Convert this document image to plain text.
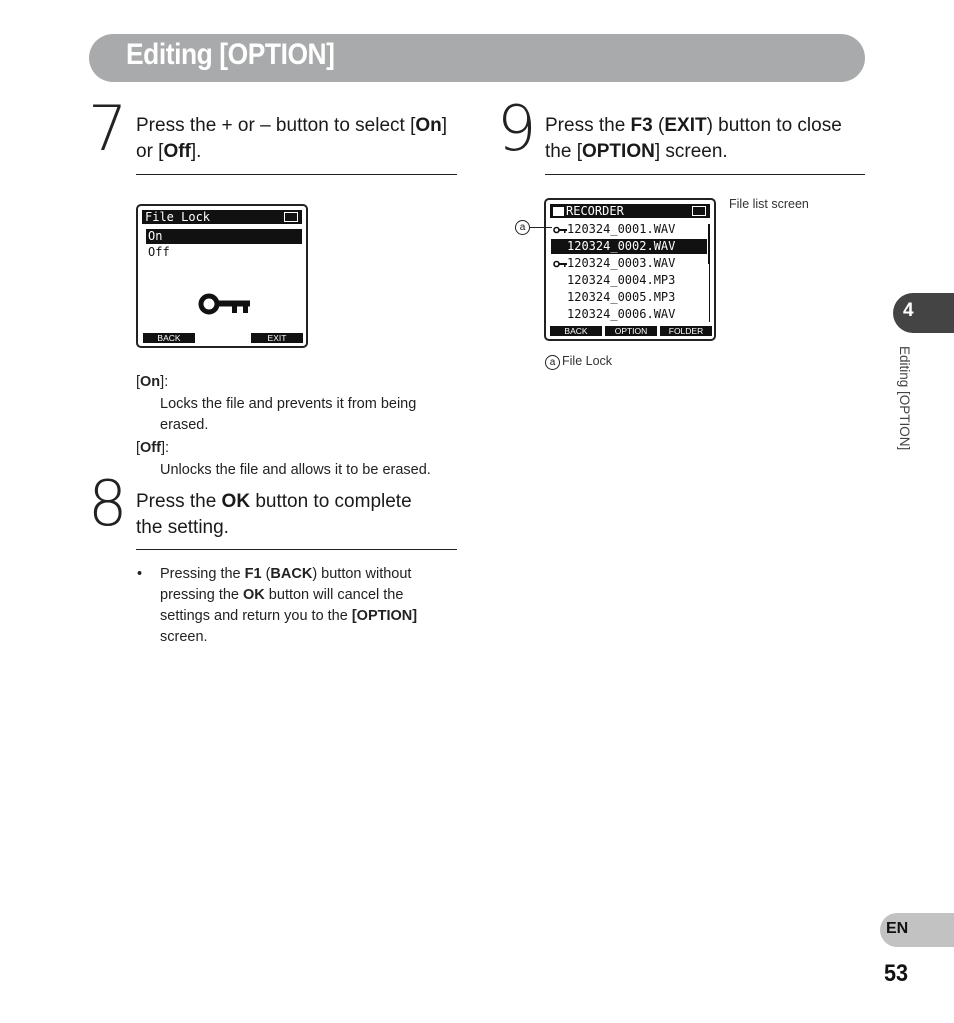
Editing [OPTION]
7 Press the + or – button to select [On]
or [Off].
File Lock
On
Off
BACK	EXIT
[On]:
Locks the file and prevents it from being erased.
[Off]:
Unlocks the file and allows it to be erased.
8 Press the OK button to complete
the setting.
• Pressing the F1 (BACK) button without pressing the OK button will cancel the settings and return you to the [OPTION] screen.
9 Press the F3 (EXIT) button to close
the [OPTION] screen.
File list screen
RECORDER
120324_0001.WAV
120324_0002.WAV
120324_0003.WAV
120324_0004.MP3
120324_0005.MP3
120324_0006.WAV
BACK	OPTION	FOLDER
a
a File Lock
4
Editing [OPTION]
EN
53
